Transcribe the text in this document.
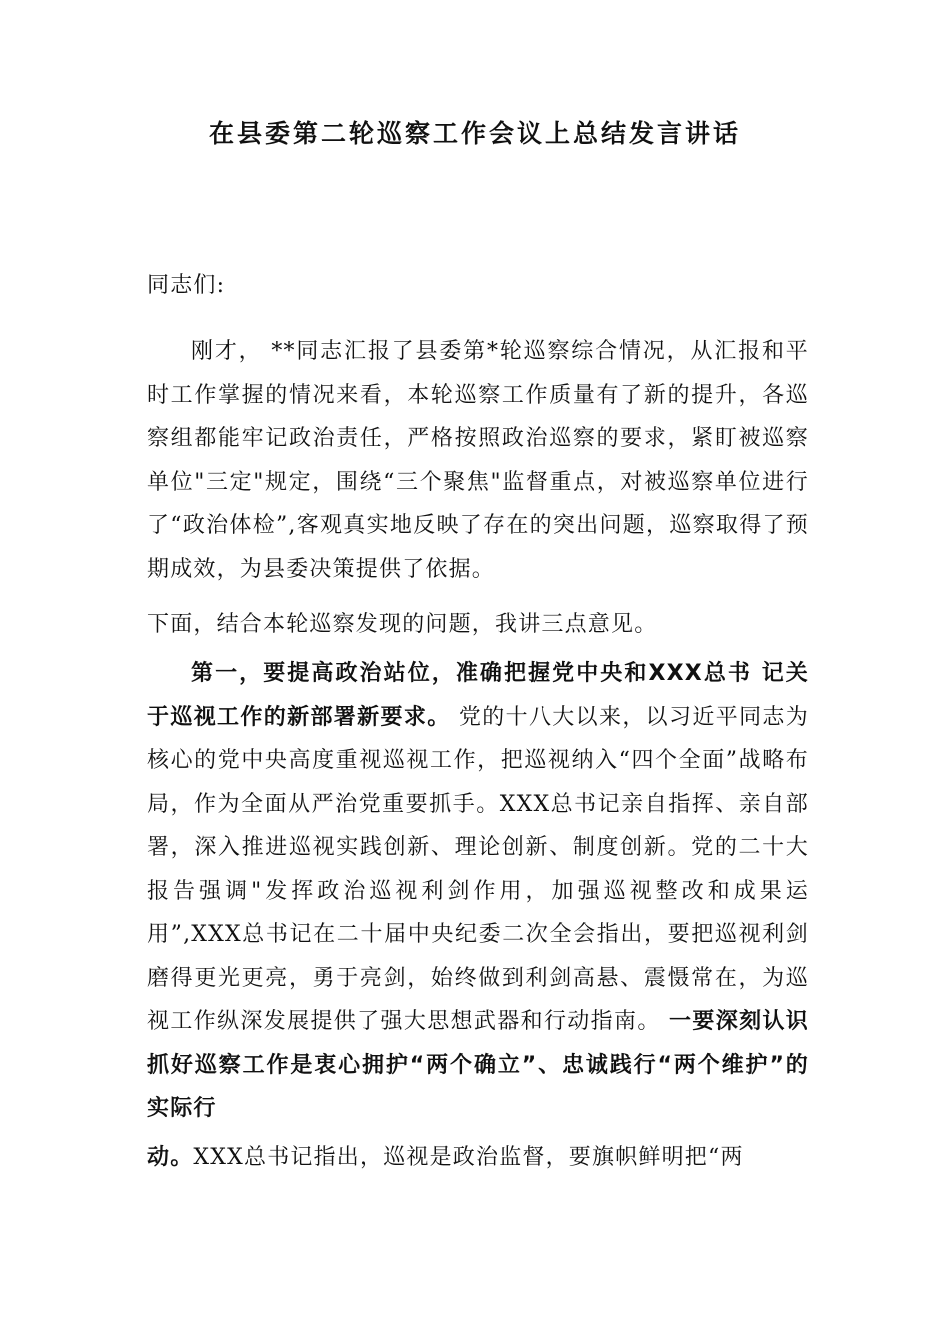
在县委第二轮巡察工作会议上总结发言讲话
同志们:
刚才， **同志汇报了县委第*轮巡察综合情况，从汇报和平时工作掌握的情况来看，本轮巡察工作质量有了新的提升，各巡察组都能牢记政治责任，严格按照政治巡察的要求，紧盯被巡察单位"三定"规定，围绕“三个聚焦"监督重点，对被巡察单位进行了“政治体检”,客观真实地反映了存在的突出问题，巡察取得了预期成效，为县委决策提供了依据。
下面，结合本轮巡察发现的问题，我讲三点意见。
第一，要提高政治站位，准确把握党中央和XXX总书 记关于巡视工作的新部署新要求。 党的十八大以来，以习近平同志为核心的党中央高度重视巡视工作，把巡视纳入“四个全面”战略布局，作为全面从严治党重要抓手。XXX总书记亲自指挥、亲自部署，深入推进巡视实践创新、理论创新、制度创新。党的二十大报告强调"发挥政治巡视利剑作用，加强巡视整改和成果运用”,XXX总书记在二十届中央纪委二次全会指出，要把巡视利剑磨得更光更亮，勇于亮剑，始终做到利剑高悬、震慑常在，为巡视工作纵深发展提供了强大思想武器和行动指南。 一要深刻认识抓好巡察工作是衷心拥护“两个确立”、忠诚践行“两个维护”的实际行
动。XXX总书记指出，巡视是政治监督，要旗帜鲜明把“两
